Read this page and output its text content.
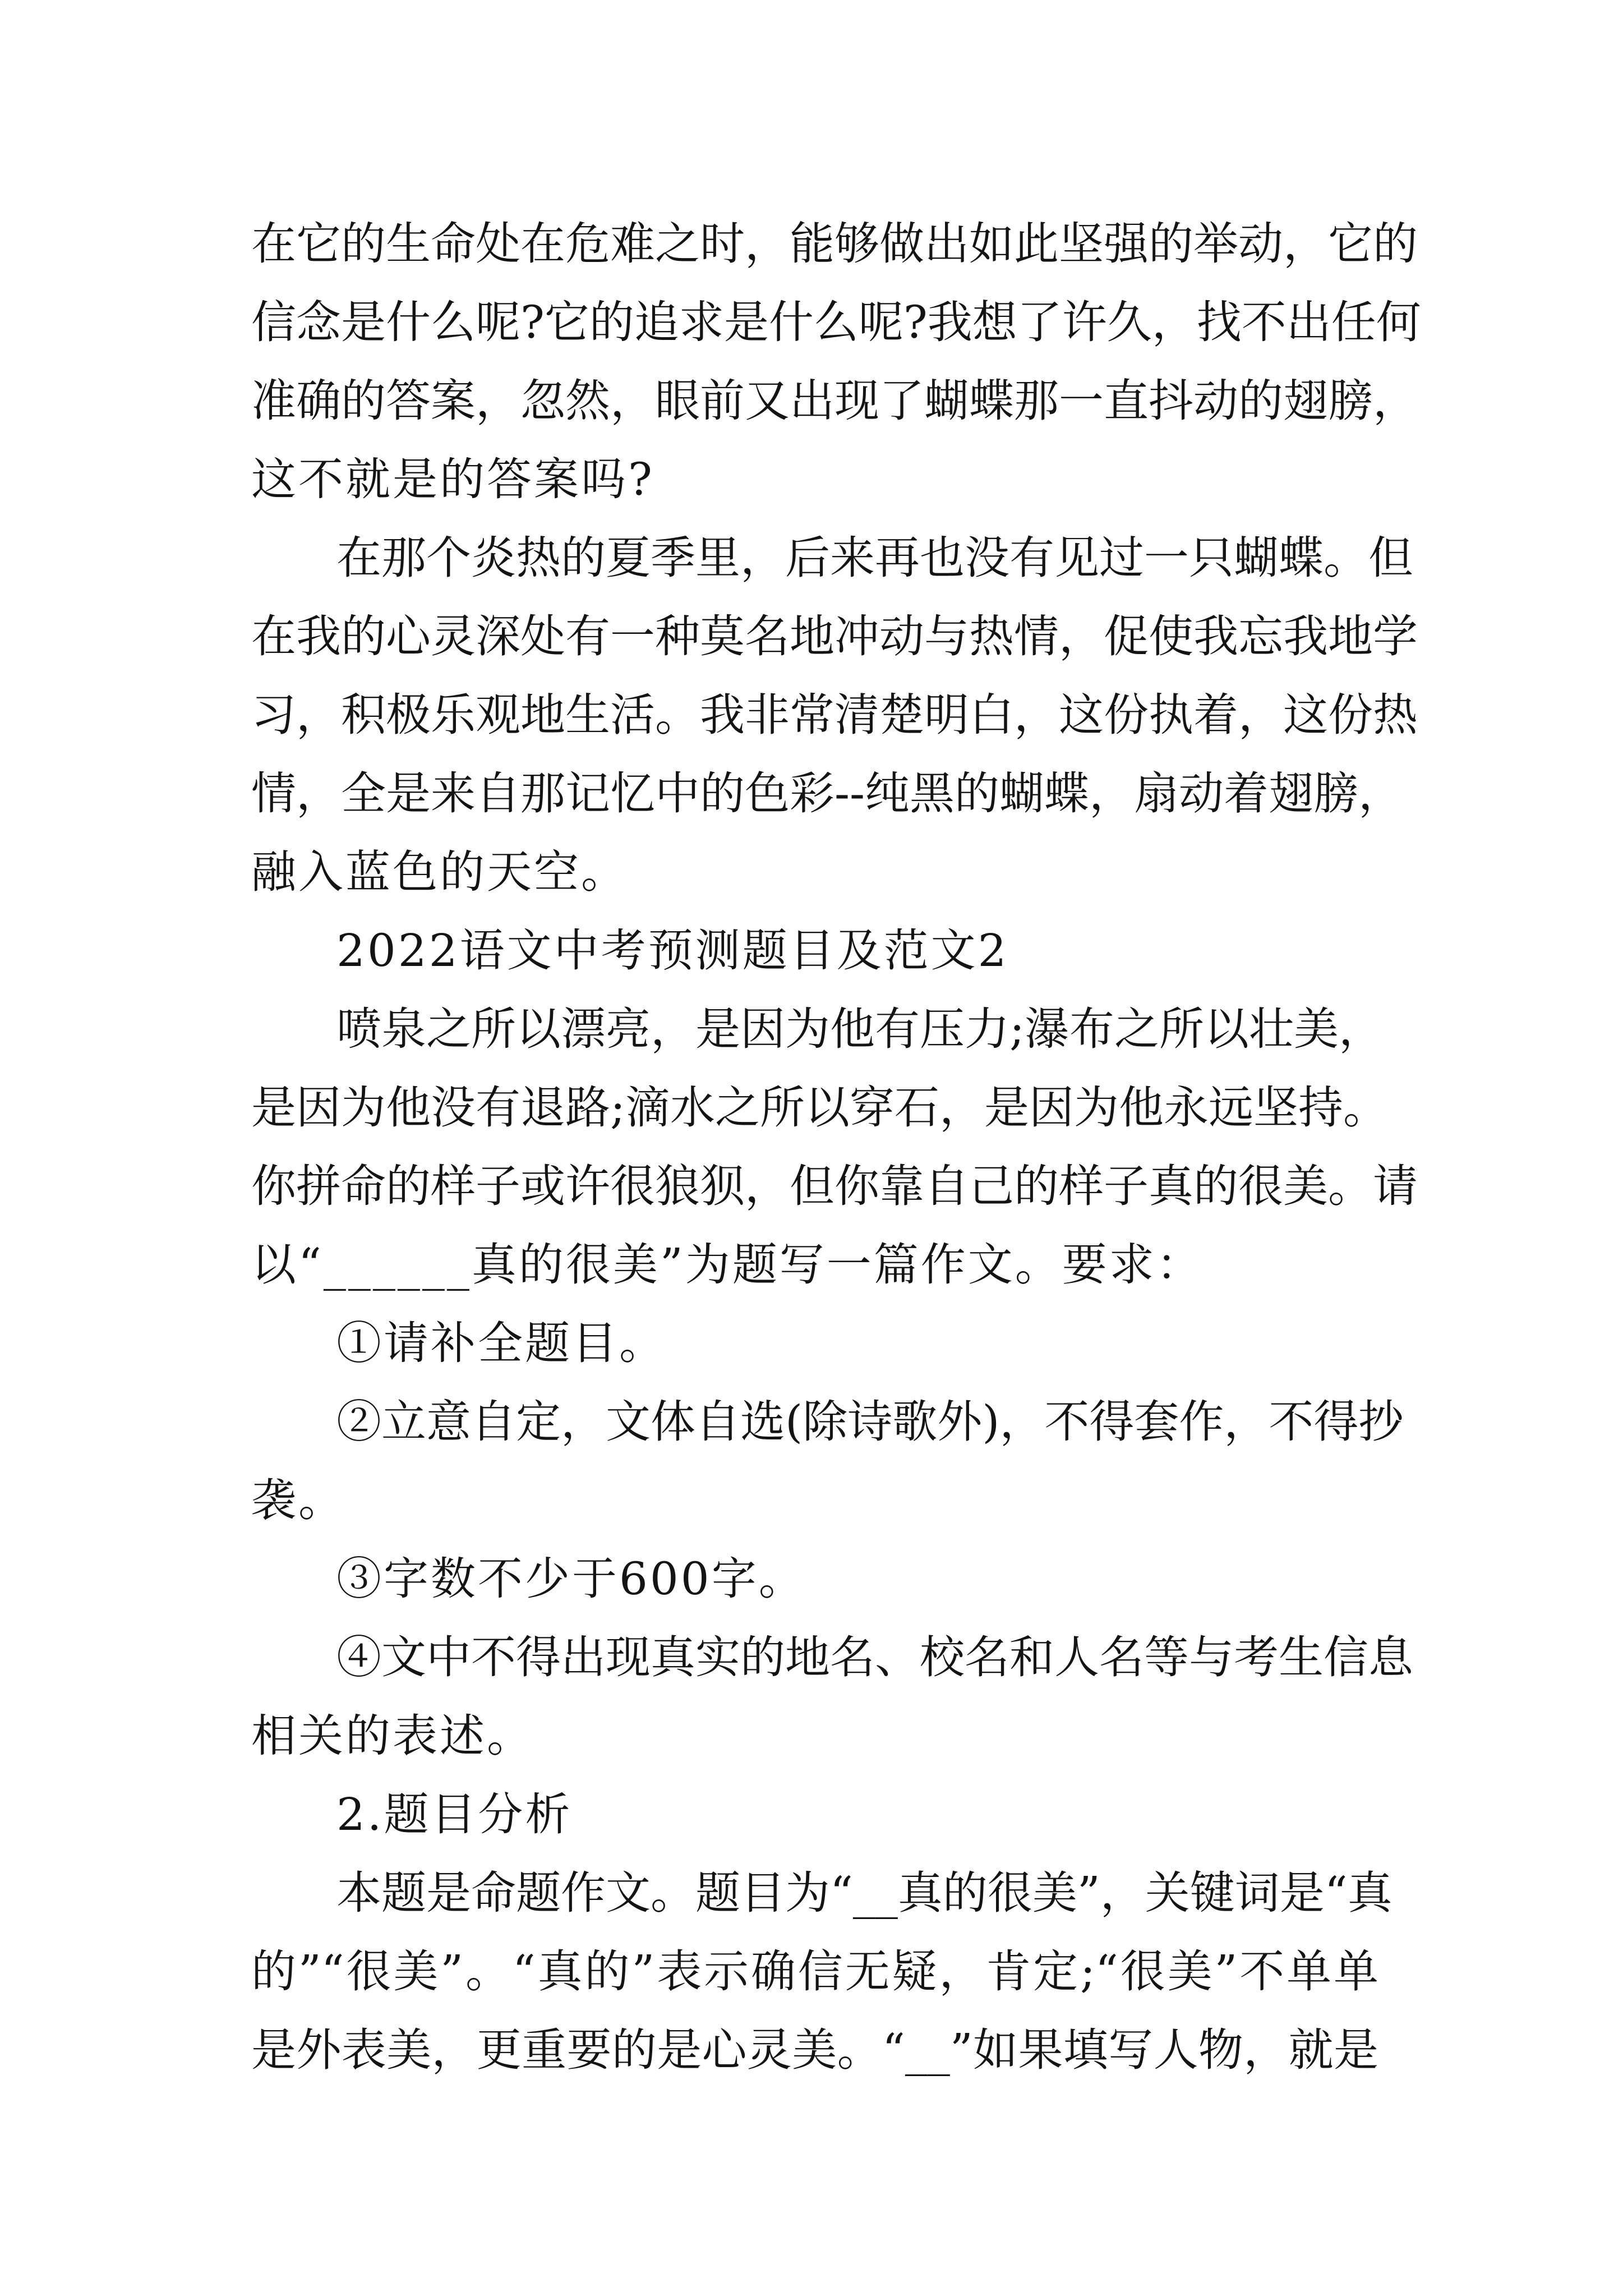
在它的生命处在危难之时，能够做出如此坚强的举动，它的

信念是什么呢?它的追求是什么呢?我想了许久，找不出任何

准确的答案，忽然，眼前又出现了蝴蝶那一直抖动的翅膀，

这不就是的答案吗?

在那个炎热的夏季里，后来再也没有见过一只蝴蝶。但

在我的心灵深处有一种莫名地冲动与热情，促使我忘我地学

习，积极乐观地生活。我非常清楚明白，这份执着，这份热

情，全是来自那记忆中的色彩--纯黑的蝴蝶，扇动着翅膀，

融入蓝色的天空。

2022语文中考预测题目及范文2

喷泉之所以漂亮，是因为他有压力;瀑布之所以壮美，

是因为他没有退路;滴水之所以穿石，是因为他永远坚持。

你拼命的样子或许很狼狈，但你靠自己的样子真的很美。请

以“______真的很美”为题写一篇作文。要求：

①请补全题目。

②立意自定，文体自选(除诗歌外)，不得套作，不得抄

袭。

③字数不少于600字。

④文中不得出现真实的地名、校名和人名等与考生信息

相关的表述。

2.题目分析

本题是命题作文。题目为“__真的很美”，关键词是“真

的”“很美”。“真的”表示确信无疑，肯定;“很美”不单单

是外表美，更重要的是心灵美。“__”如果填写人物，就是
